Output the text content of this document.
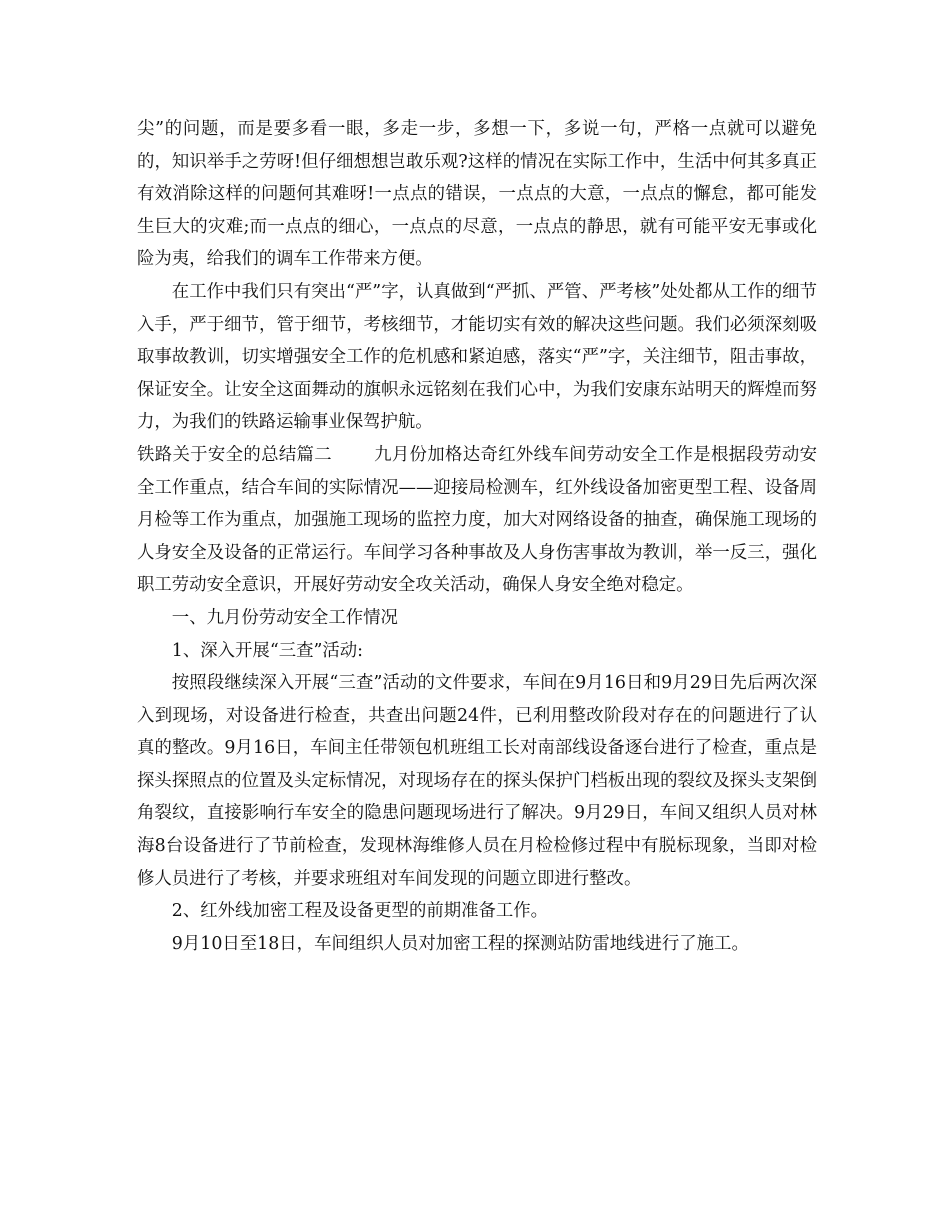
尖”的问题，而是要多看一眼，多走一步，多想一下，多说一句，严格一点就可以避免的，知识举手之劳呀!但仔细想想岂敢乐观?这样的情况在实际工作中，生活中何其多真正有效消除这样的问题何其难呀!一点点的错误，一点点的大意，一点点的懈怠，都可能发生巨大的灾难;而一点点的细心，一点点的尽意，一点点的静思，就有可能平安无事或化险为夷，给我们的调车工作带来方便。

在工作中我们只有突出“严”字，认真做到“严抓、严管、严考核”处处都从工作的细节入手，严于细节，管于细节，考核细节，才能切实有效的解决这些问题。我们必须深刻吸取事故教训，切实增强安全工作的危机感和紧迫感，落实“严”字，关注细节，阻击事故，保证安全。让安全这面舞动的旗帜永远铭刻在我们心中，为我们安康东站明天的辉煌而努力，为我们的铁路运输事业保驾护航。

铁路关于安全的总结篇二 九月份加格达奇红外线车间劳动安全工作是根据段劳动安全工作重点，结合车间的实际情况——迎接局检测车，红外线设备加密更型工程、设备周月检等工作为重点，加强施工现场的监控力度，加大对网络设备的抽查，确保施工现场的人身安全及设备的正常运行。车间学习各种事故及人身伤害事故为教训，举一反三，强化职工劳动安全意识，开展好劳动安全攻关活动，确保人身安全绝对稳定。

一、九月份劳动安全工作情况

1、深入开展“三查”活动:

按照段继续深入开展“三查”活动的文件要求，车间在9月16日和9月29日先后两次深入到现场，对设备进行检查，共查出问题24件，已利用整改阶段对存在的问题进行了认真的整改。9月16日，车间主任带领包机班组工长对南部线设备逐台进行了检查，重点是探头探照点的位置及头定标情况，对现场存在的探头保护门档板出现的裂纹及探头支架倒角裂纹，直接影响行车安全的隐患问题现场进行了解决。9月29日，车间又组织人员对林海8台设备进行了节前检查，发现林海维修人员在月检检修过程中有脱标现象，当即对检修人员进行了考核，并要求班组对车间发现的问题立即进行整改。

2、红外线加密工程及设备更型的前期准备工作。

9月10日至18日，车间组织人员对加密工程的探测站防雷地线进行了施工。
